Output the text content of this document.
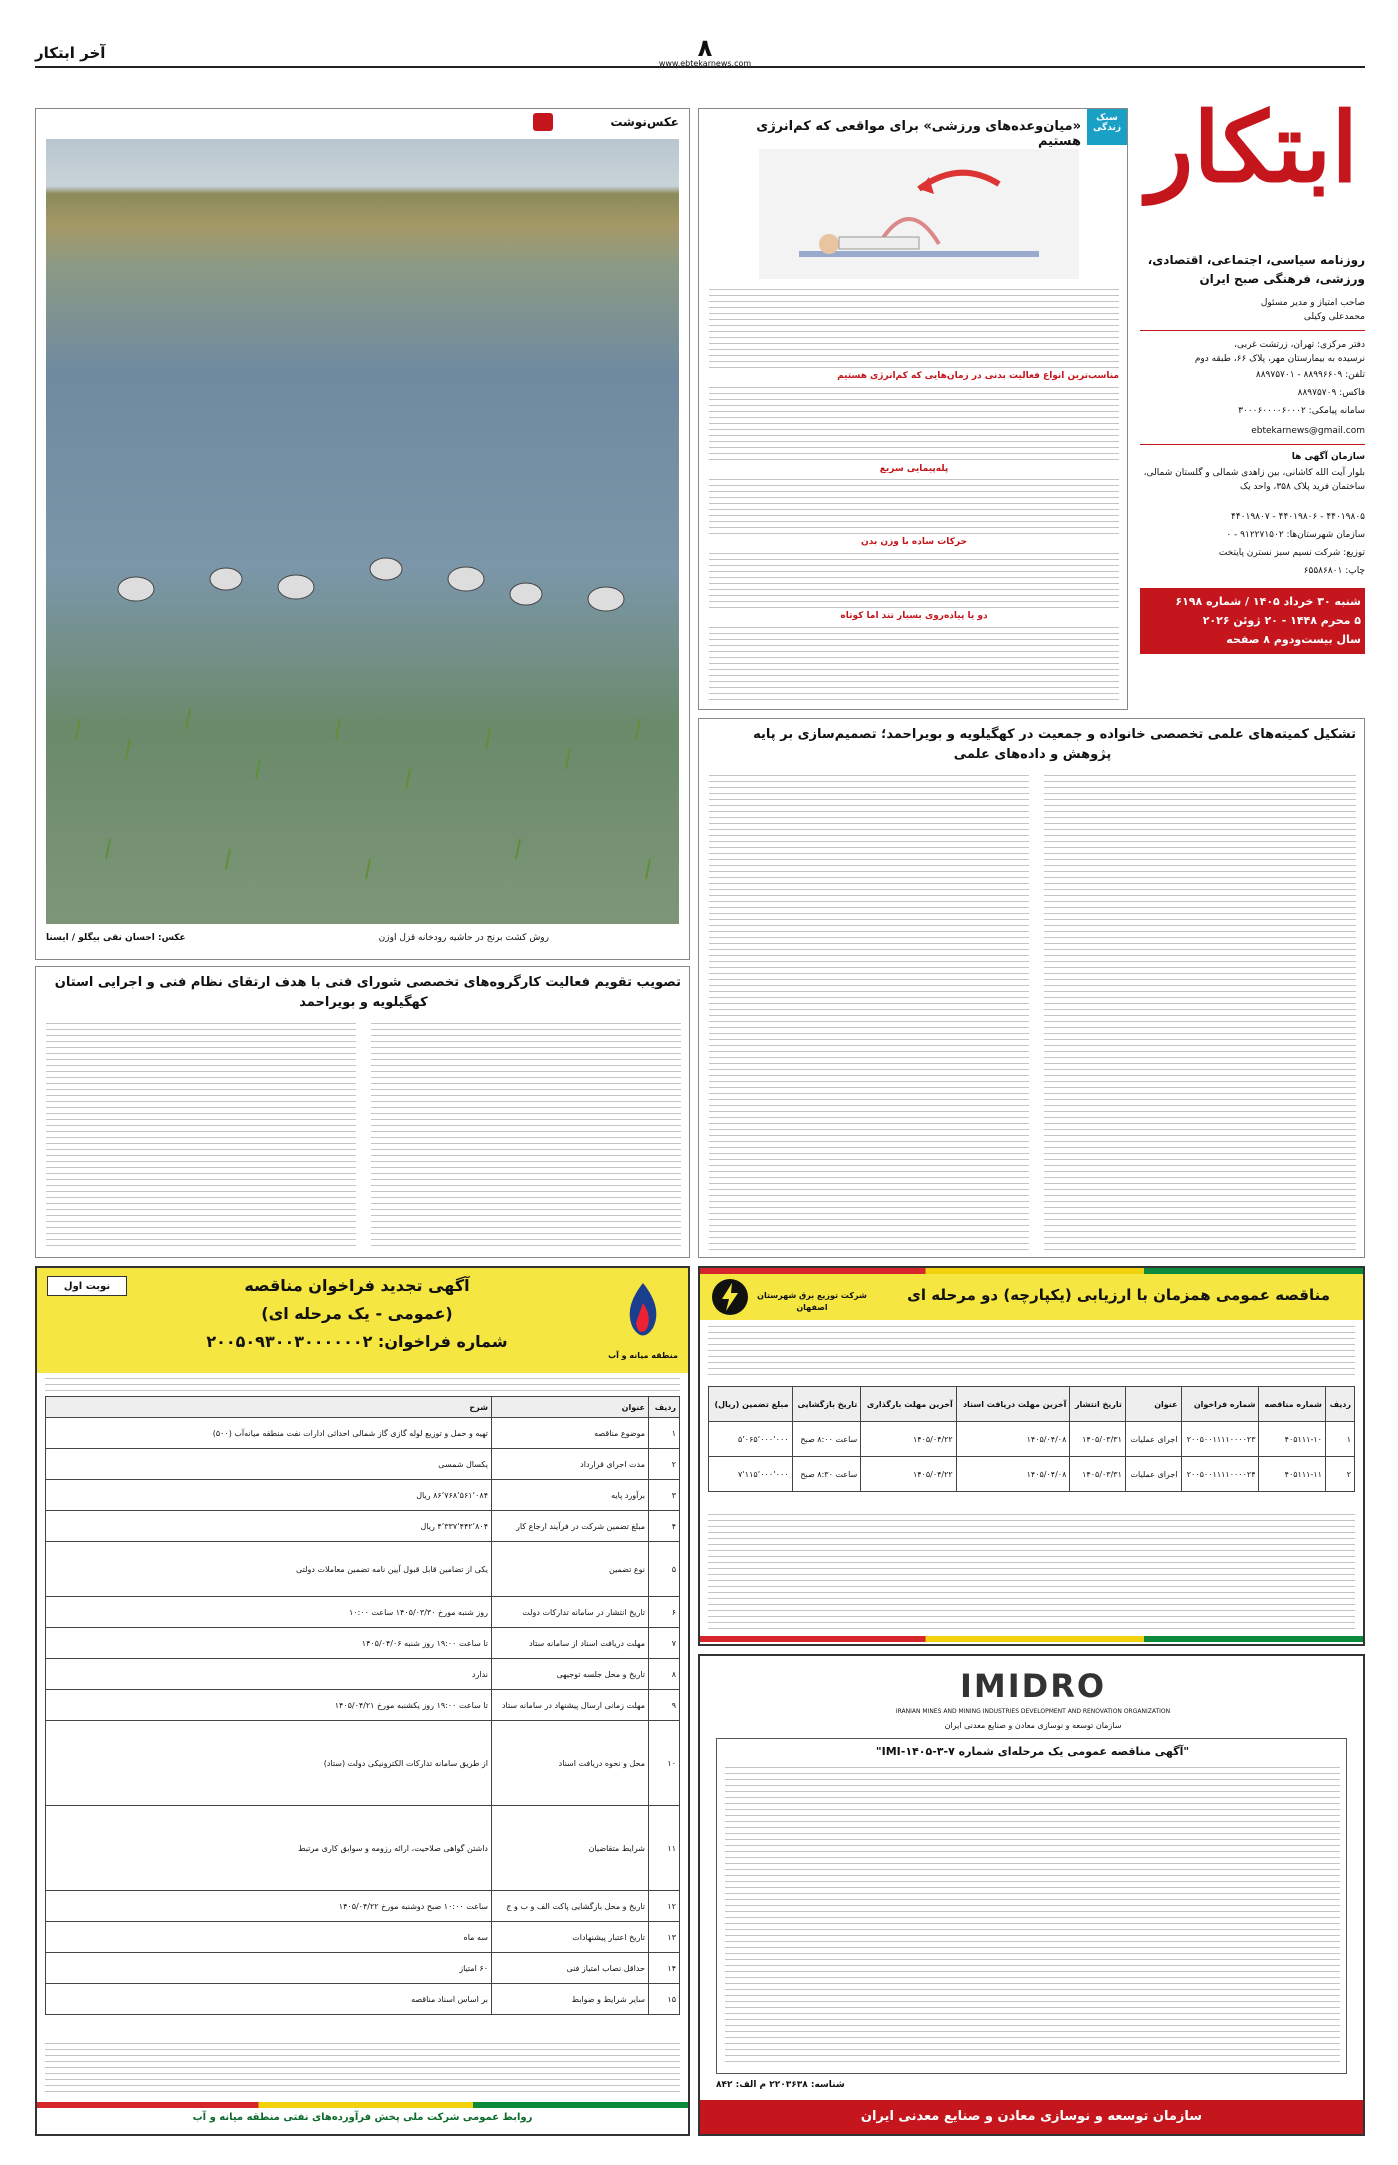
آخر ابتکار	۸
www.ebtekarnews.com
ابتکار
روزنامه سیاسی، اجتماعی، اقتصادی،
ورزشی، فرهنگی صبح ایران
صاحب امتیاز و مدیر مسئول
محمدعلی وکیلی
دفتر مرکزی: تهران، زرتشت غربی،
نرسیده به بیمارستان مهر، پلاک ۶۶، طبقه دوم
تلفن: ۸۸۹۹۶۶۰۹ - ۸۸۹۷۵۷۰۱
فاکس: ۸۸۹۷۵۷۰۹
سامانه پیامکی: ۳۰۰۰۶۰۰۰۰۶۰۰۰۲
ebtekarnews@gmail.com
سازمان آگهی ها
بلوار آیت الله کاشانی، بین زاهدی شمالی و گلستان شمالی، ساختمان فرید پلاک ۳۵۸، واحد یک
۴۴۰۱۹۸۰۵ - ۴۴۰۱۹۸۰۶ - ۴۴۰۱۹۸۰۷
سازمان شهرستان‌ها: ۹۱۲۲۷۱۵۰۲ - ۰
توزیع: شرکت نسیم سبز نسترن پایتخت
چاپ: ۶۵۵۸۶۸۰۱
شنبه ۳۰ خرداد ۱۴۰۵ / شماره ۶۱۹۸
۵ محرم ۱۴۴۸ - ۲۰ ژوئن ۲۰۲۶
سال بیست‌ودوم ۸ صفحه
سبک زندگی
«میان‌وعده‌های ورزشی» برای مواقعی که کم‌انرژی هستیم
مناسب‌ترین انواع فعالیت بدنی در زمان‌هایی که کم‌انرژی هستیم
پله‌پیمایی سریع
حرکات ساده با وزن بدن
دو یا پیاده‌روی بسیار تند اما کوتاه
عکس‌نوشت
روش کشت برنج در حاشیه رودخانه قزل اوزن
عکس: احسان نقی بیگلو / ایسنا
تشکیل کمیته‌های علمی تخصصی خانواده و جمعیت در کهگیلویه و بویراحمد؛ تصمیم‌سازی بر پایه
پژوهش و داده‌های علمی
تصویب تقویم فعالیت کارگروه‌های تخصصی شورای فنی با هدف ارتقای نظام فنی و اجرایی استان
کهگیلویه و بویراحمد
نوبت اول	آگهی تجدید فراخوان مناقصه
(عمومی - یک مرحله ای)
شماره فراخوان: ۲۰۰۵۰۹۳۰۰۳۰۰۰۰۰۰۲
منطقه میانه و آب
ردیف	عنوان	شرح
۱	موضوع مناقصه	تهیه و حمل و توزیع لوله گازی گاز شمالی احداثی ادارات نفت منطقه میانه‌آب (۵۰۰)
۲	مدت اجرای قرارداد	یکسال شمسی
۳	برآورد پایه	۸۶٬۷۶۸٬۵۶۱٬۰۸۴ ریال
۴	مبلغ تضمین شرکت در فرآیند ارجاع کار	۴٬۳۳۷٬۴۴۲٬۸۰۴ ریال
۵	نوع تضمین	یکی از تضامین قابل قبول آیین نامه تضمین معاملات دولتی
۶	تاریخ انتشار در سامانه تدارکات دولت	روز شنبه مورخ ۱۴۰۵/۰۳/۳۰ ساعت ۱۰:۰۰
۷	مهلت دریافت اسناد از سامانه ستاد	تا ساعت ۱۹:۰۰ روز شنبه ۱۴۰۵/۰۴/۰۶
۸	تاریخ و محل جلسه توجیهی	ندارد
۹	مهلت زمانی ارسال پیشنهاد در سامانه ستاد	تا ساعت ۱۹:۰۰ روز یکشنبه مورخ ۱۴۰۵/۰۴/۲۱
۱۰	محل و نحوه دریافت اسناد	از طریق سامانه تدارکات الکترونیکی دولت (ستاد)
۱۱	شرایط متقاضیان	داشتن گواهی صلاحیت، ارائه رزومه و سوابق کاری مرتبط
۱۲	تاریخ و محل بازگشایی پاکت الف و ب و ج	ساعت ۱۰:۰۰ صبح دوشنبه مورخ ۱۴۰۵/۰۴/۲۲
۱۳	تاریخ اعتبار پیشنهادات	سه ماه
۱۴	حداقل نصاب امتیاز فنی	۶۰ امتیاز
۱۵	سایر شرایط و ضوابط	بر اساس اسناد مناقصه
روابط عمومی شرکت ملی پخش فرآورده‌های نفتی منطقه میانه و آب
مناقصه عمومی همزمان با ارزیابی (یکپارچه) دو مرحله ای
شرکت توزیع برق شهرستان اصفهان
ردیف	شماره مناقصه	شماره فراخوان	عنوان	تاریخ انتشار	آخرین مهلت دریافت اسناد	آخرین مهلت بارگذاری	تاریخ بازگشایی	مبلغ تضمین (ریال)
۱	۴۰۵۱۱۱-۱۰	۲۰۰۵۰۰۱۱۱۱۰۰۰۰۲۳	اجرای عملیات	۱۴۰۵/۰۳/۳۱	۱۴۰۵/۰۴/۰۸	۱۴۰۵/۰۴/۲۲	ساعت ۸:۰۰ صبح	۵٬۰۶۵٬۰۰۰٬۰۰۰
۲	۴۰۵۱۱۱-۱۱	۲۰۰۵۰۰۱۱۱۱۰۰۰۰۲۴	اجرای عملیات	۱۴۰۵/۰۳/۳۱	۱۴۰۵/۰۴/۰۸	۱۴۰۵/۰۴/۲۲	ساعت ۸:۳۰ صبح	۷٬۱۱۵٬۰۰۰٬۰۰۰
IMIDRO
IRANIAN MINES AND MINING INDUSTRIES DEVELOPMENT AND RENOVATION ORGANIZATION
سازمان توسعه و نوسازی معادن و صنایع معدنی ایران
"آگهی مناقصه عمومی یک مرحله‌ای شماره ۷-۳-۱۴۰۵-IMI"
شناسه: ۲۲۰۳۶۳۸ م الف: ۸۴۲
سازمان توسعه و نوسازی معادن و صنایع معدنی ایران
